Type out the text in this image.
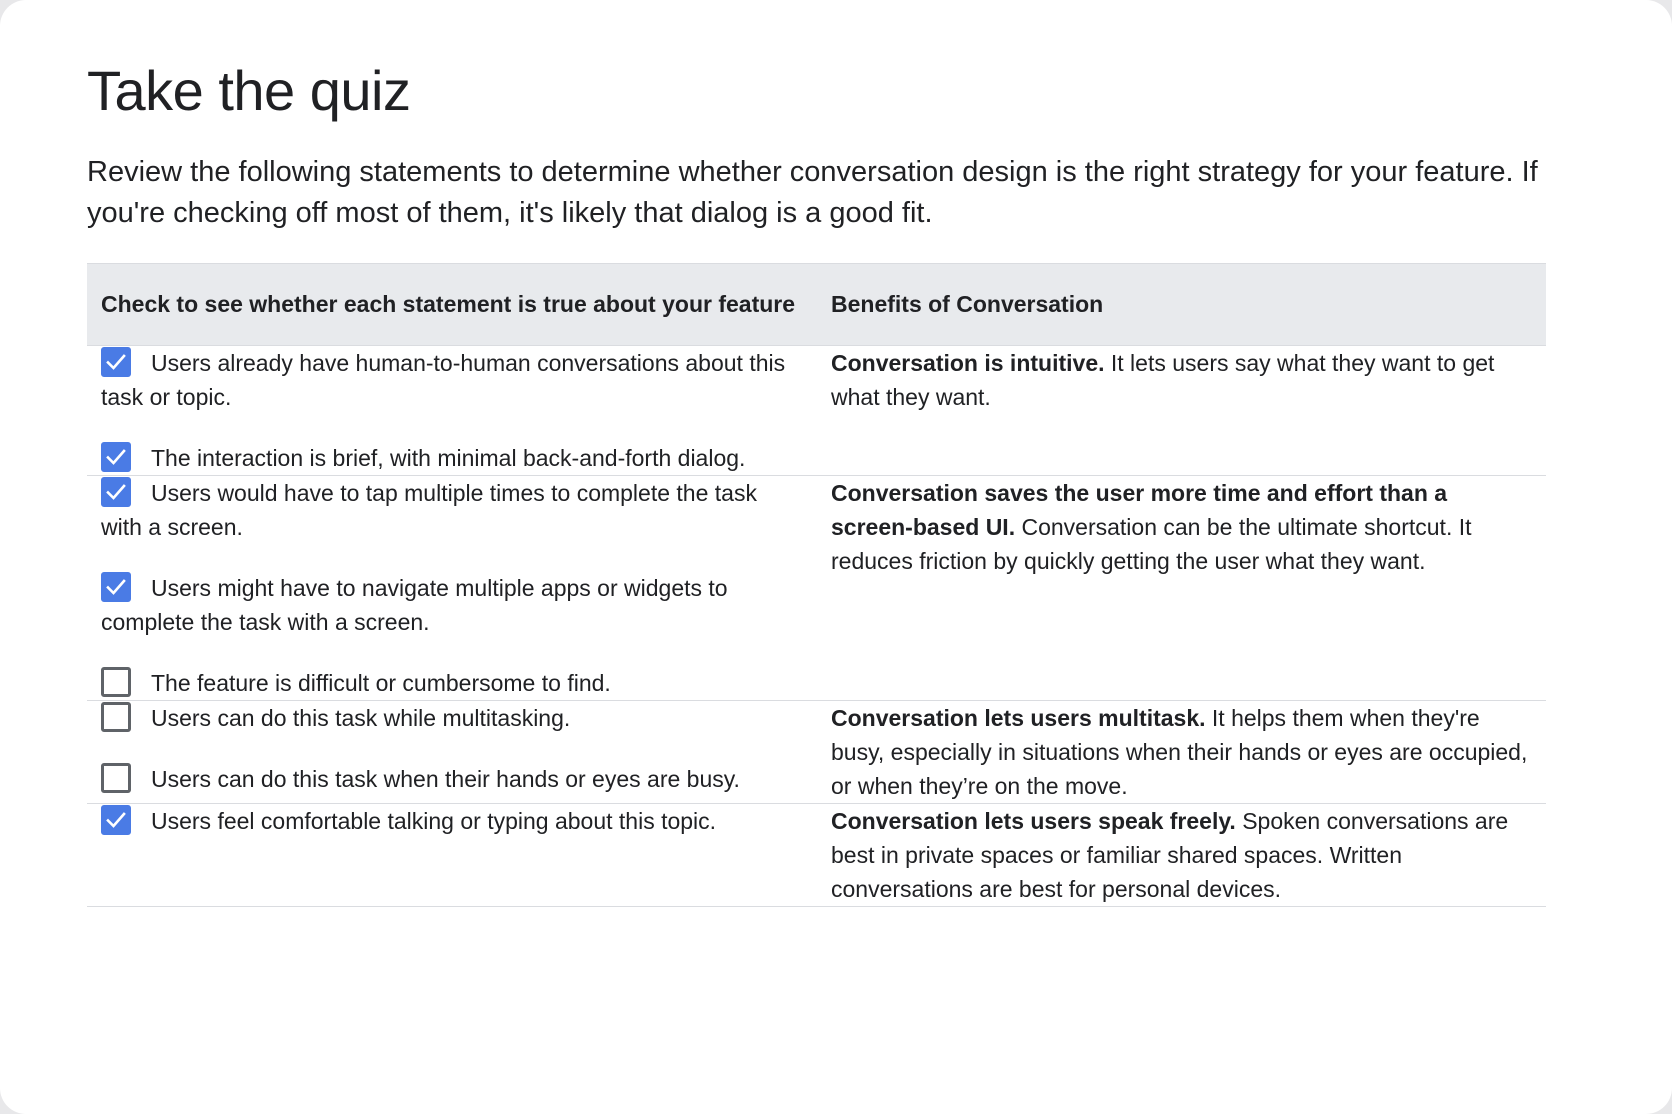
Take the quiz

Review the following statements to determine whether conversation design is the right strategy for your feature. If you're checking off most of them, it's likely that dialog is a good fit.

Check to see whether each statement is true about your feature	Benefits of Conversation

Users already have human-to-human conversations about this task or topic.
The interaction is brief, with minimal back-and-forth dialog.	Conversation is intuitive. It lets users say what they want to get what they want.

Users would have to tap multiple times to complete the task with a screen.
Users might have to navigate multiple apps or widgets to complete the task with a screen.
The feature is difficult or cumbersome to find.	Conversation saves the user more time and effort than a screen-based UI. Conversation can be the ultimate shortcut. It reduces friction by quickly getting the user what they want.

Users can do this task while multitasking.
Users can do this task when their hands or eyes are busy.	Conversation lets users multitask. It helps them when they're busy, especially in situations when their hands or eyes are occupied, or when they’re on the move.

Users feel comfortable talking or typing about this topic.	Conversation lets users speak freely. Spoken conversations are best in private spaces or familiar shared spaces. Written conversations are best for personal devices.
